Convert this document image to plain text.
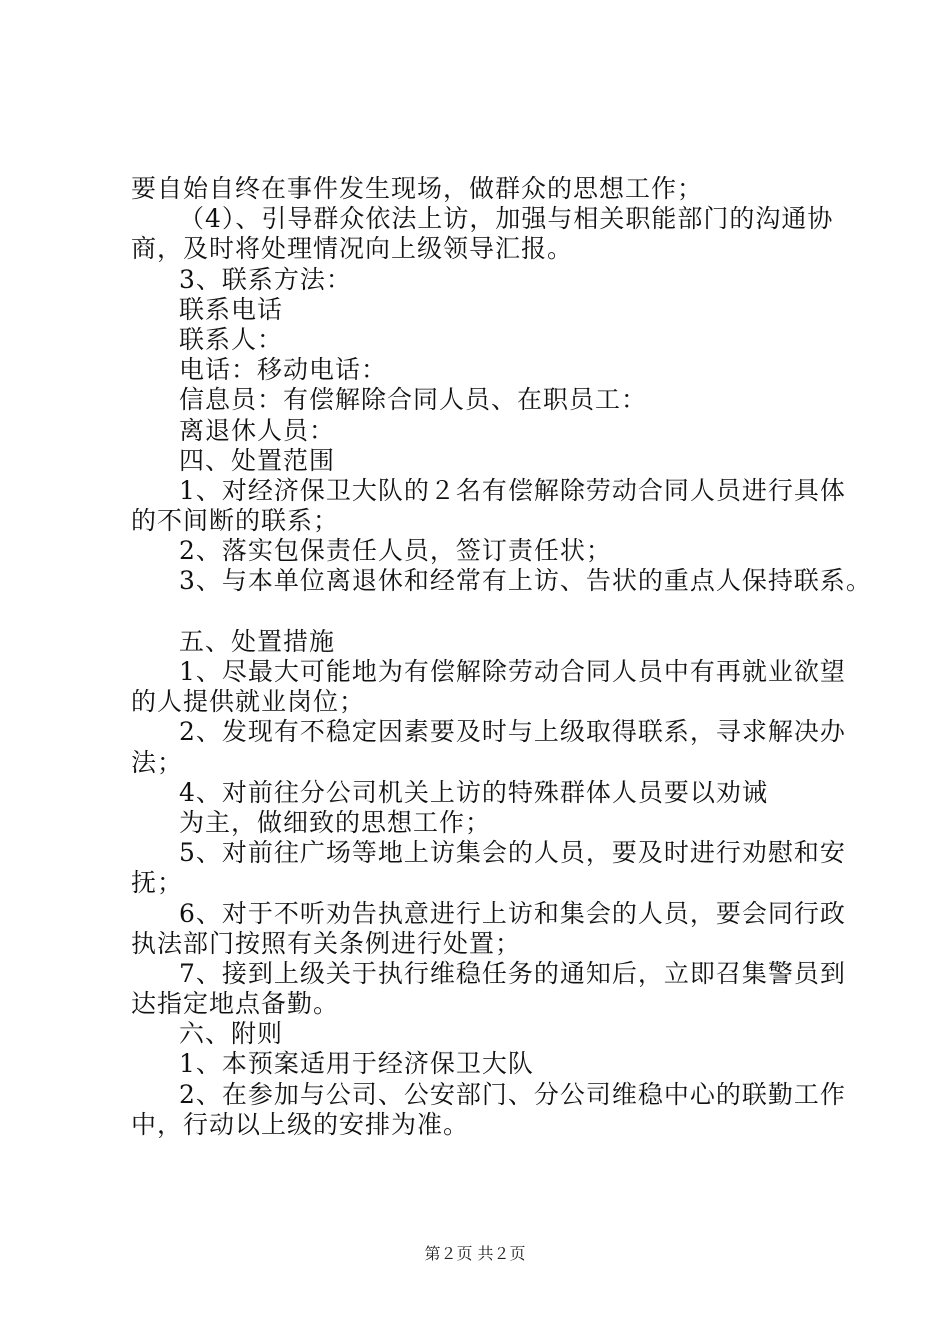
要自始自终在事件发生现场，做群众的思想工作；
（4）、引导群众依法上访，加强与相关职能部门的沟通协
商，及时将处理情况向上级领导汇报。
3、联系方法：
联系电话
联系人：
电话：移动电话：
信息员：有偿解除合同人员、在职员工：
离退休人员：
四、处置范围
1、对经济保卫大队的２名有偿解除劳动合同人员进行具体
的不间断的联系；
2、落实包保责任人员，签订责任状；
3、与本单位离退休和经常有上访、告状的重点人保持联系。
五、处置措施
1、尽最大可能地为有偿解除劳动合同人员中有再就业欲望
的人提供就业岗位；
2、发现有不稳定因素要及时与上级取得联系，寻求解决办
法；
4、对前往分公司机关上访的特殊群体人员要以劝诫
为主，做细致的思想工作；
5、对前往广场等地上访集会的人员，要及时进行劝慰和安
抚；
6、对于不听劝告执意进行上访和集会的人员，要会同行政
执法部门按照有关条例进行处置；
7、接到上级关于执行维稳任务的通知后，立即召集警员到
达指定地点备勤。
六、附则
1、本预案适用于经济保卫大队
2、在参加与公司、公安部门、分公司维稳中心的联勤工作
中，行动以上级的安排为准。
第２页 共２页
